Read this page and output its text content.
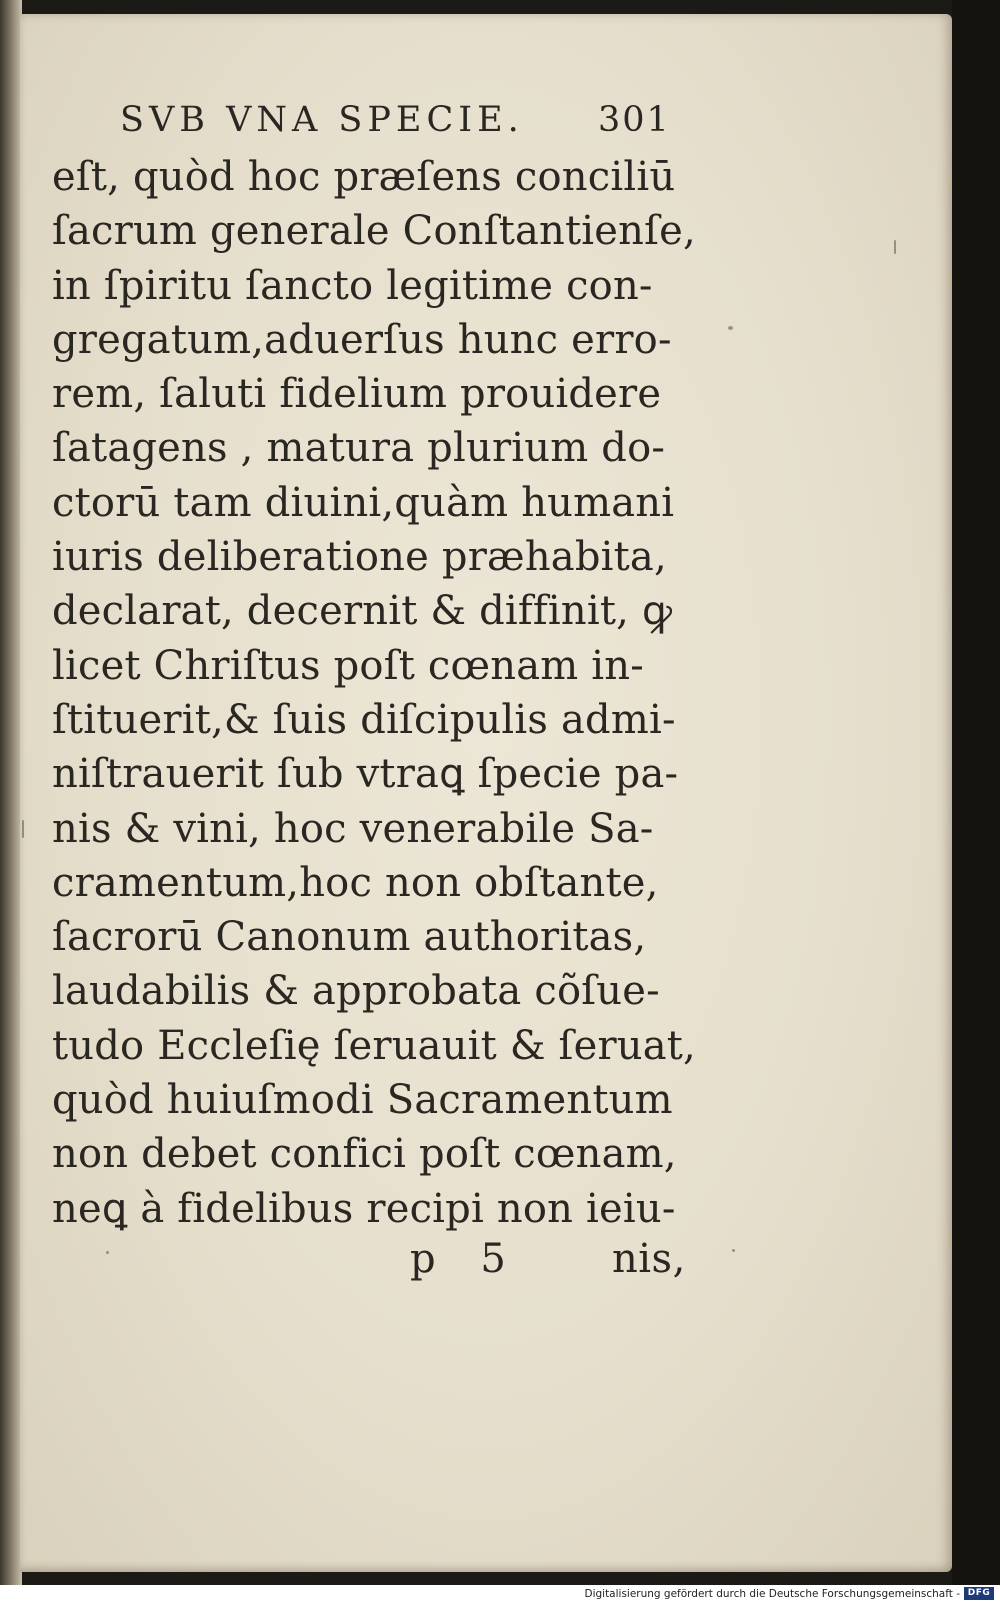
SVB VNA SPECIE. 301
eſt, quòd hoc præſens conciliū
ſacrum generale Conſtantienſe,
in ſpiritu ſancto legitime con-
gregatum,aduerſus hunc erro-
rem, ſaluti fidelium prouidere
ſatagens , matura plurium do-
ctorū tam diuini,quàm humani
iuris deliberatione præhabita,
declarat, decernit & diffinit, ꝙ
licet Chriſtus poſt cœnam in-
ſtituerit,& ſuis diſcipulis admi-
niſtrauerit ſub vtraꝗ ſpecie pa-
nis & vini, hoc venerabile Sa-
cramentum,hoc non obſtante,
ſacrorū Canonum authoritas,
laudabilis & approbata cõſue-
tudo Eccleſię ſeruauit & ſeruat,
quòd huiuſmodi Sacramentum
non debet confici poſt cœnam,
neꝗ à fidelibus recipi non ieiu-
p 5 nis,
Digitalisierung gefördert durch die Deutsche Forschungsgemeinschaft - DFG
